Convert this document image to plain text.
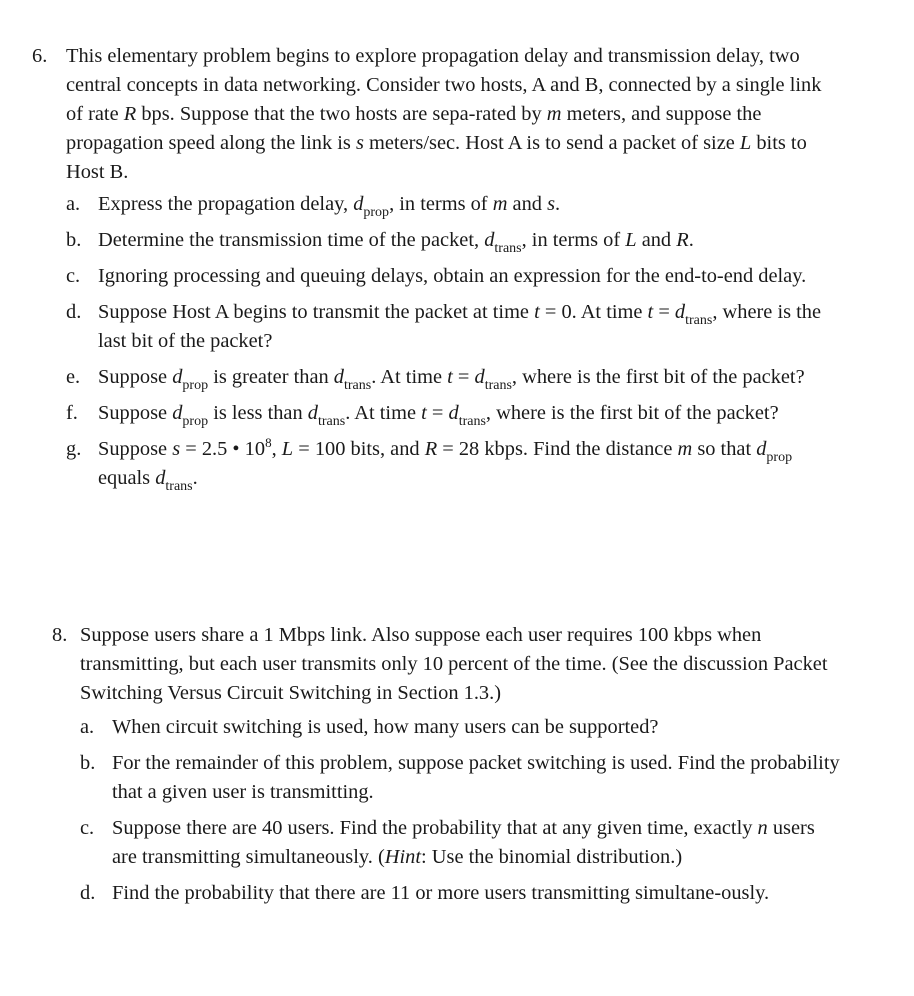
6. This elementary problem begins to explore propagation delay and transmission delay, two central concepts in data networking. Consider two hosts, A and B, connected by a single link of rate R bps. Suppose that the two hosts are sepa-rated by m meters, and suppose the propagation speed along the link is s meters/sec. Host A is to send a packet of size L bits to Host B.
a. Express the propagation delay, $d_{prop}$, in terms of m and s.
b. Determine the transmission time of the packet, $d_{trans}$, in terms of L and R.
c. Ignoring processing and queuing delays, obtain an expression for the end-to-end delay.
d. Suppose Host A begins to transmit the packet at time t = 0. At time $t = d_{trans}$, where is the last bit of the packet?
e. Suppose $d_{prop}$ is greater than $d_{trans}$. At time $t = d_{trans}$, where is the first bit of the packet?
f. Suppose $d_{prop}$ is less than $d_{trans}$. At time $t = d_{trans}$, where is the first bit of the packet?
g. Suppose s = 2.5 • $10^8$, L = 100 bits, and R = 28 kbps. Find the distance m so that $d_{prop}$ equals $d_{trans}$.
8. Suppose users share a 1 Mbps link. Also suppose each user requires 100 kbps when transmitting, but each user transmits only 10 percent of the time. (See the discussion Packet Switching Versus Circuit Switching in Section 1.3.)
a. When circuit switching is used, how many users can be supported?
b. For the remainder of this problem, suppose packet switching is used. Find the probability that a given user is transmitting.
c. Suppose there are 40 users. Find the probability that at any given time, exactly n users are transmitting simultaneously. (Hint: Use the binomial distribution.)
d. Find the probability that there are 11 or more users transmitting simultane-ously.
